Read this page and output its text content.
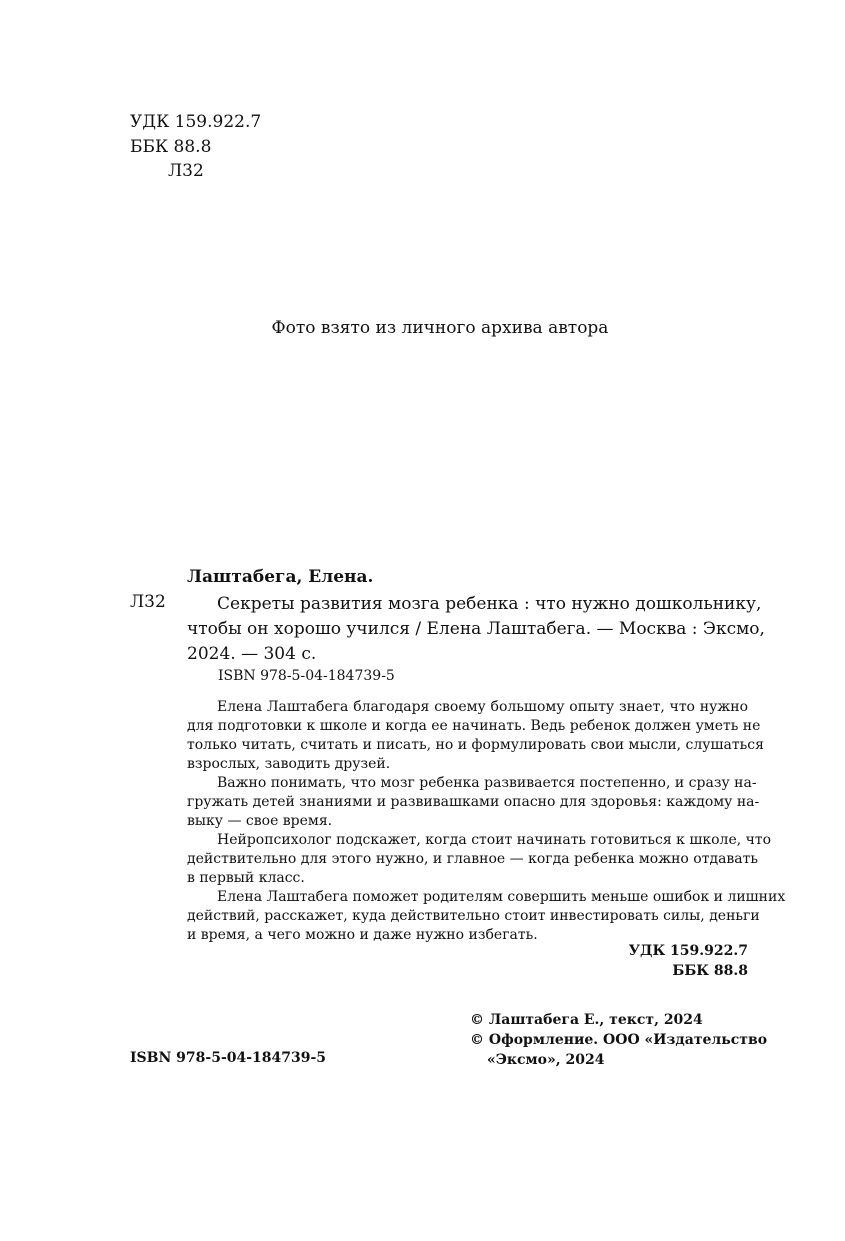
УДК 159.922.7
ББК 88.8
Л32
Фото взято из личного архива автора
Лаштабега, Елена.
Л32	Секреты развития мозга ребенка : что нужно дошкольнику,
чтобы он хорошо учился / Елена Лаштабега. — Москва : Эксмо,
2024. — 304 с.
ISBN 978-5-04-184739-5
Елена Лаштабега благодаря своему большому опыту знает, что нужно
для подготовки к школе и когда ее начинать. Ведь ребенок должен уметь не
только читать, считать и писать, но и формулировать свои мысли, слушаться
взрослых, заводить друзей.
Важно понимать, что мозг ребенка развивается постепенно, и сразу на-
гружать детей знаниями и развивашками опасно для здоровья: каждому на-
выку — свое время.
Нейропсихолог подскажет, когда стоит начинать готовиться к школе, что
действительно для этого нужно, и главное — когда ребенка можно отдавать
в первый класс.
Елена Лаштабега поможет родителям совершить меньше ошибок и лишних
действий, расскажет, куда действительно стоит инвестировать силы, деньги
и время, а чего можно и даже нужно избегать.
УДК 159.922.7
ББК 88.8
© Лаштабега Е., текст, 2024
© Оформление. ООО «Издательство
«Эксмо», 2024
ISBN 978-5-04-184739-5
